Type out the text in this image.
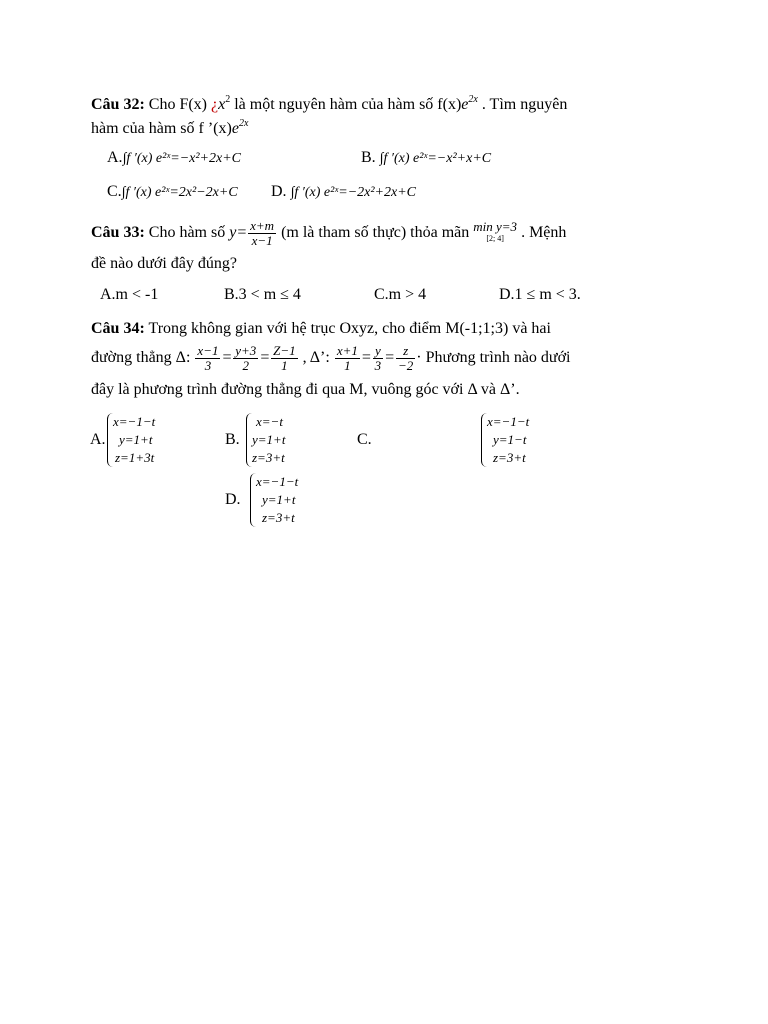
Câu 32: Cho F(x) ¿$x^2$ là một nguyên hàm của hàm số $f(x)e^{2x}$ . Tìm nguyên
hàm của hàm số f $’(x)e^{2x}$
A.∫f ′(x) e²ˣ=−x²+2x+C	B. ∫f ′(x) e²ˣ=−x²+x+C
C.∫f ′(x) e²ˣ=2x²−2x+C D. ∫f ′(x) e²ˣ=−2x²+2x+C
Câu 33: Cho hàm số $y= \frac{x+m}{x-1} (m$ là tham số thực) thỏa mãn min y=3
[2; 4] . Mệnh
đề nào dưới đây đúng?
A.m < -1	B.3 < m ≤ 4	C.m > 4	D.1 ≤ m < 3.
Câu 34: Trong không gian với hệ trục Oxyz, cho điểm M(-1;1;3) và hai
đường thẳng Δ: $\frac{x-1}{3} = \frac{y+3}{2} = \frac{Z-1}{1}$ , Δ’: $\frac{x+1}{1} = \frac{y}{3} = \frac{z}{-2}$ · Phương trình nào dưới
đây là phương trình đường thẳng đi qua M, vuông góc với Δ và Δ’.
A.
x=−1−t
y=1+t
z=1+3t
B.
x=−t
y=1+t
z=3+t
C.
x=−1−t
y=1−t
z=3+t
D.
x=−1−t
y=1+t
z=3+t
